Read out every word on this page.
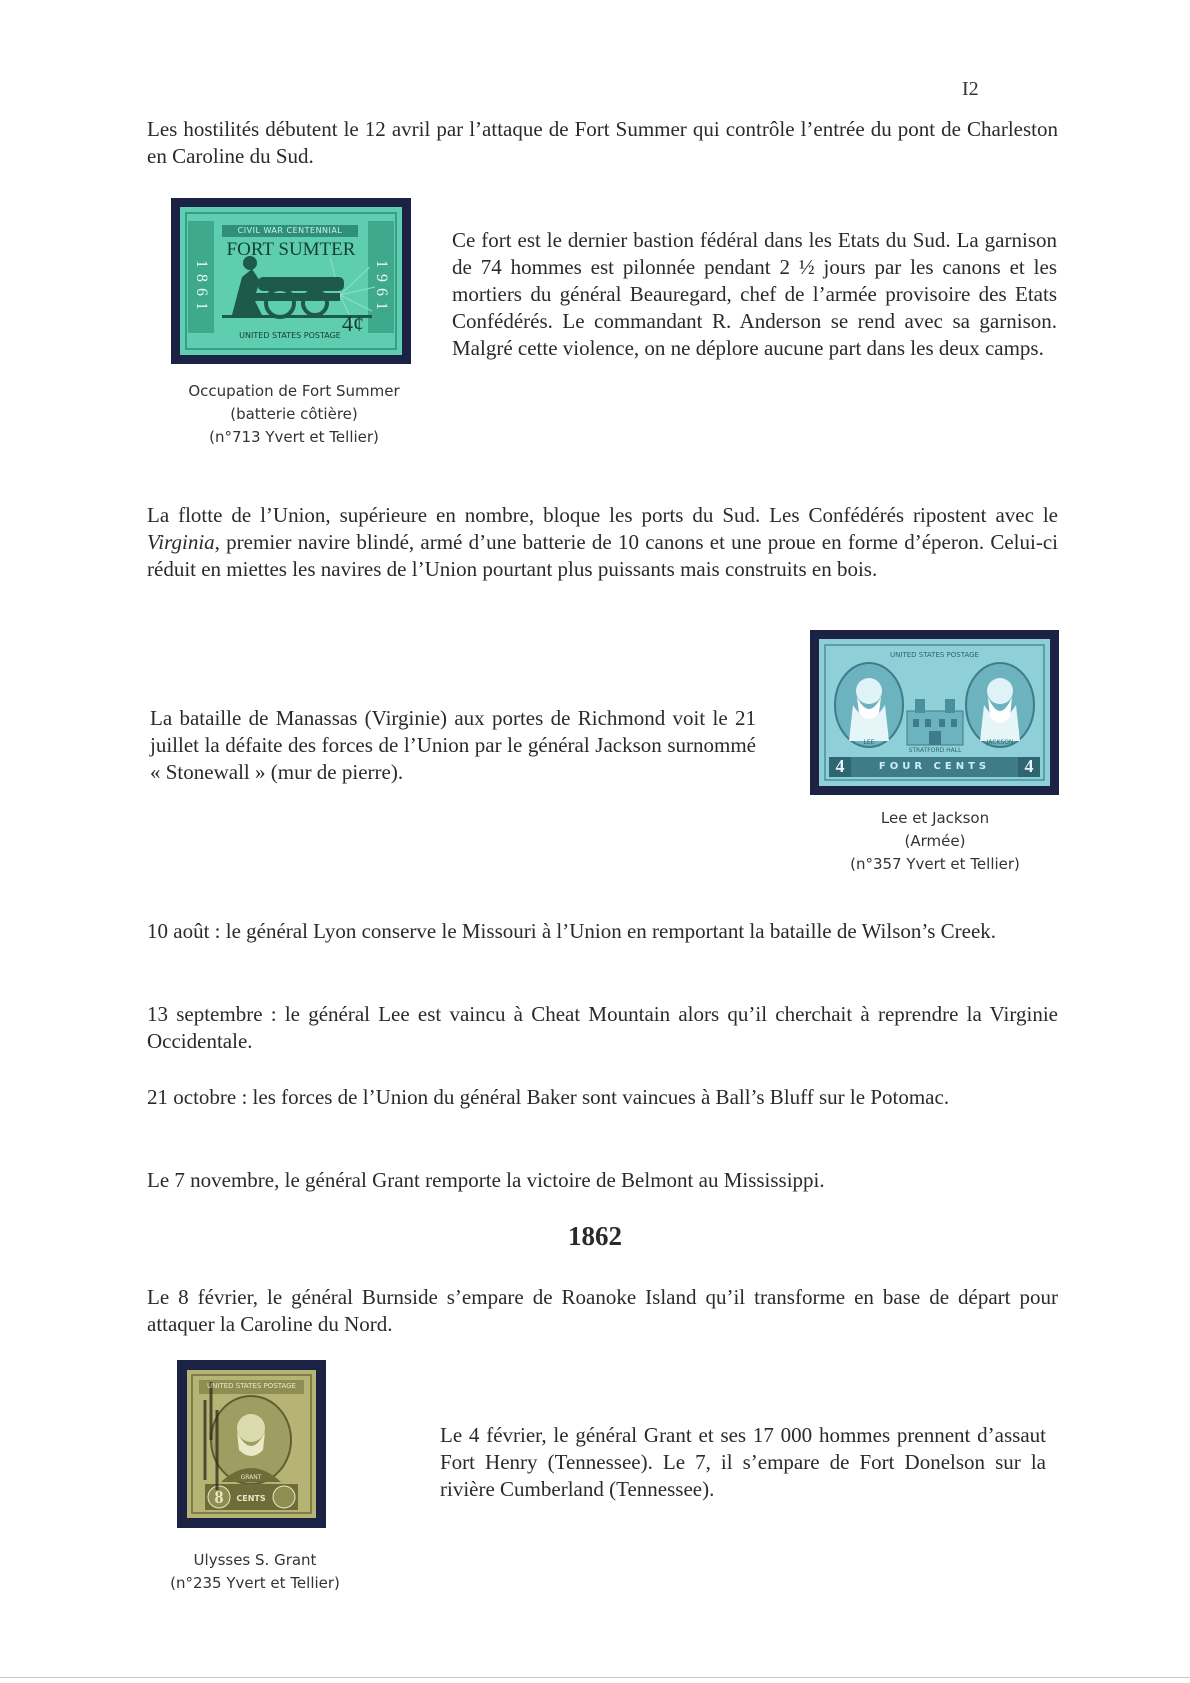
I2
Les hostilités débutent le 12 avril par l’attaque de Fort Summer qui contrôle l’entrée du pont de Charleston en Caroline du Sud.
CIVIL WAR CENTENNIAL
FORT SUMTER
4¢
UNITED STATES POSTAGE
Occupation de Fort Summer
(batterie côtière)
(n°713 Yvert et Tellier)
Ce fort est le dernier bastion fédéral dans les Etats du Sud. La garnison de 74 hommes est pilonnée pendant 2 ½ jours par les canons et les mortiers du général Beauregard, chef de l’armée provisoire des Etats Confédérés. Le commandant R. Anderson se rend avec sa garnison. Malgré cette violence, on ne déplore aucune part dans les deux camps.
La flotte de l’Union, supérieure en nombre, bloque les ports du Sud. Les Confédérés ripostent avec le Virginia, premier navire blindé, armé d’une batterie de 10 canons et une proue en forme d’éperon. Celui-ci réduit en miettes les navires de l’Union pourtant plus puissants mais construits en bois.
La bataille de Manassas (Virginie) aux portes de Richmond voit le 21 juillet la défaite des forces de l’Union par le général Jackson surnommé « Stonewall » (mur de pierre).
UNITED STATES POSTAGE
4	4
LEE	JACKSON
STRATFORD HALL
FOUR CENTS
Lee et Jackson
(Armée)
(n°357 Yvert et Tellier)
10 août : le général Lyon conserve le Missouri à l’Union en remportant la bataille de Wilson’s Creek.
13 septembre : le général Lee est vaincu à Cheat Mountain alors qu’il cherchait à reprendre la Virginie Occidentale.
21 octobre : les forces de l’Union du général Baker sont vaincues à Ball’s Bluff sur le Potomac.
Le 7 novembre, le général Grant remporte la victoire de Belmont au Mississippi.
1862
Le 8 février, le général Burnside s’empare de Roanoke Island qu’il transforme en base de départ pour attaquer la Caroline du Nord.
UNITED STATES POSTAGE
GRANT
8	CENTS
Ulysses S. Grant
(n°235 Yvert et Tellier)
Le 4 février, le général Grant et ses 17 000 hommes prennent d’assaut Fort Henry (Tennessee). Le 7, il s’empare de Fort Donelson sur la rivière Cumberland (Tennessee).
